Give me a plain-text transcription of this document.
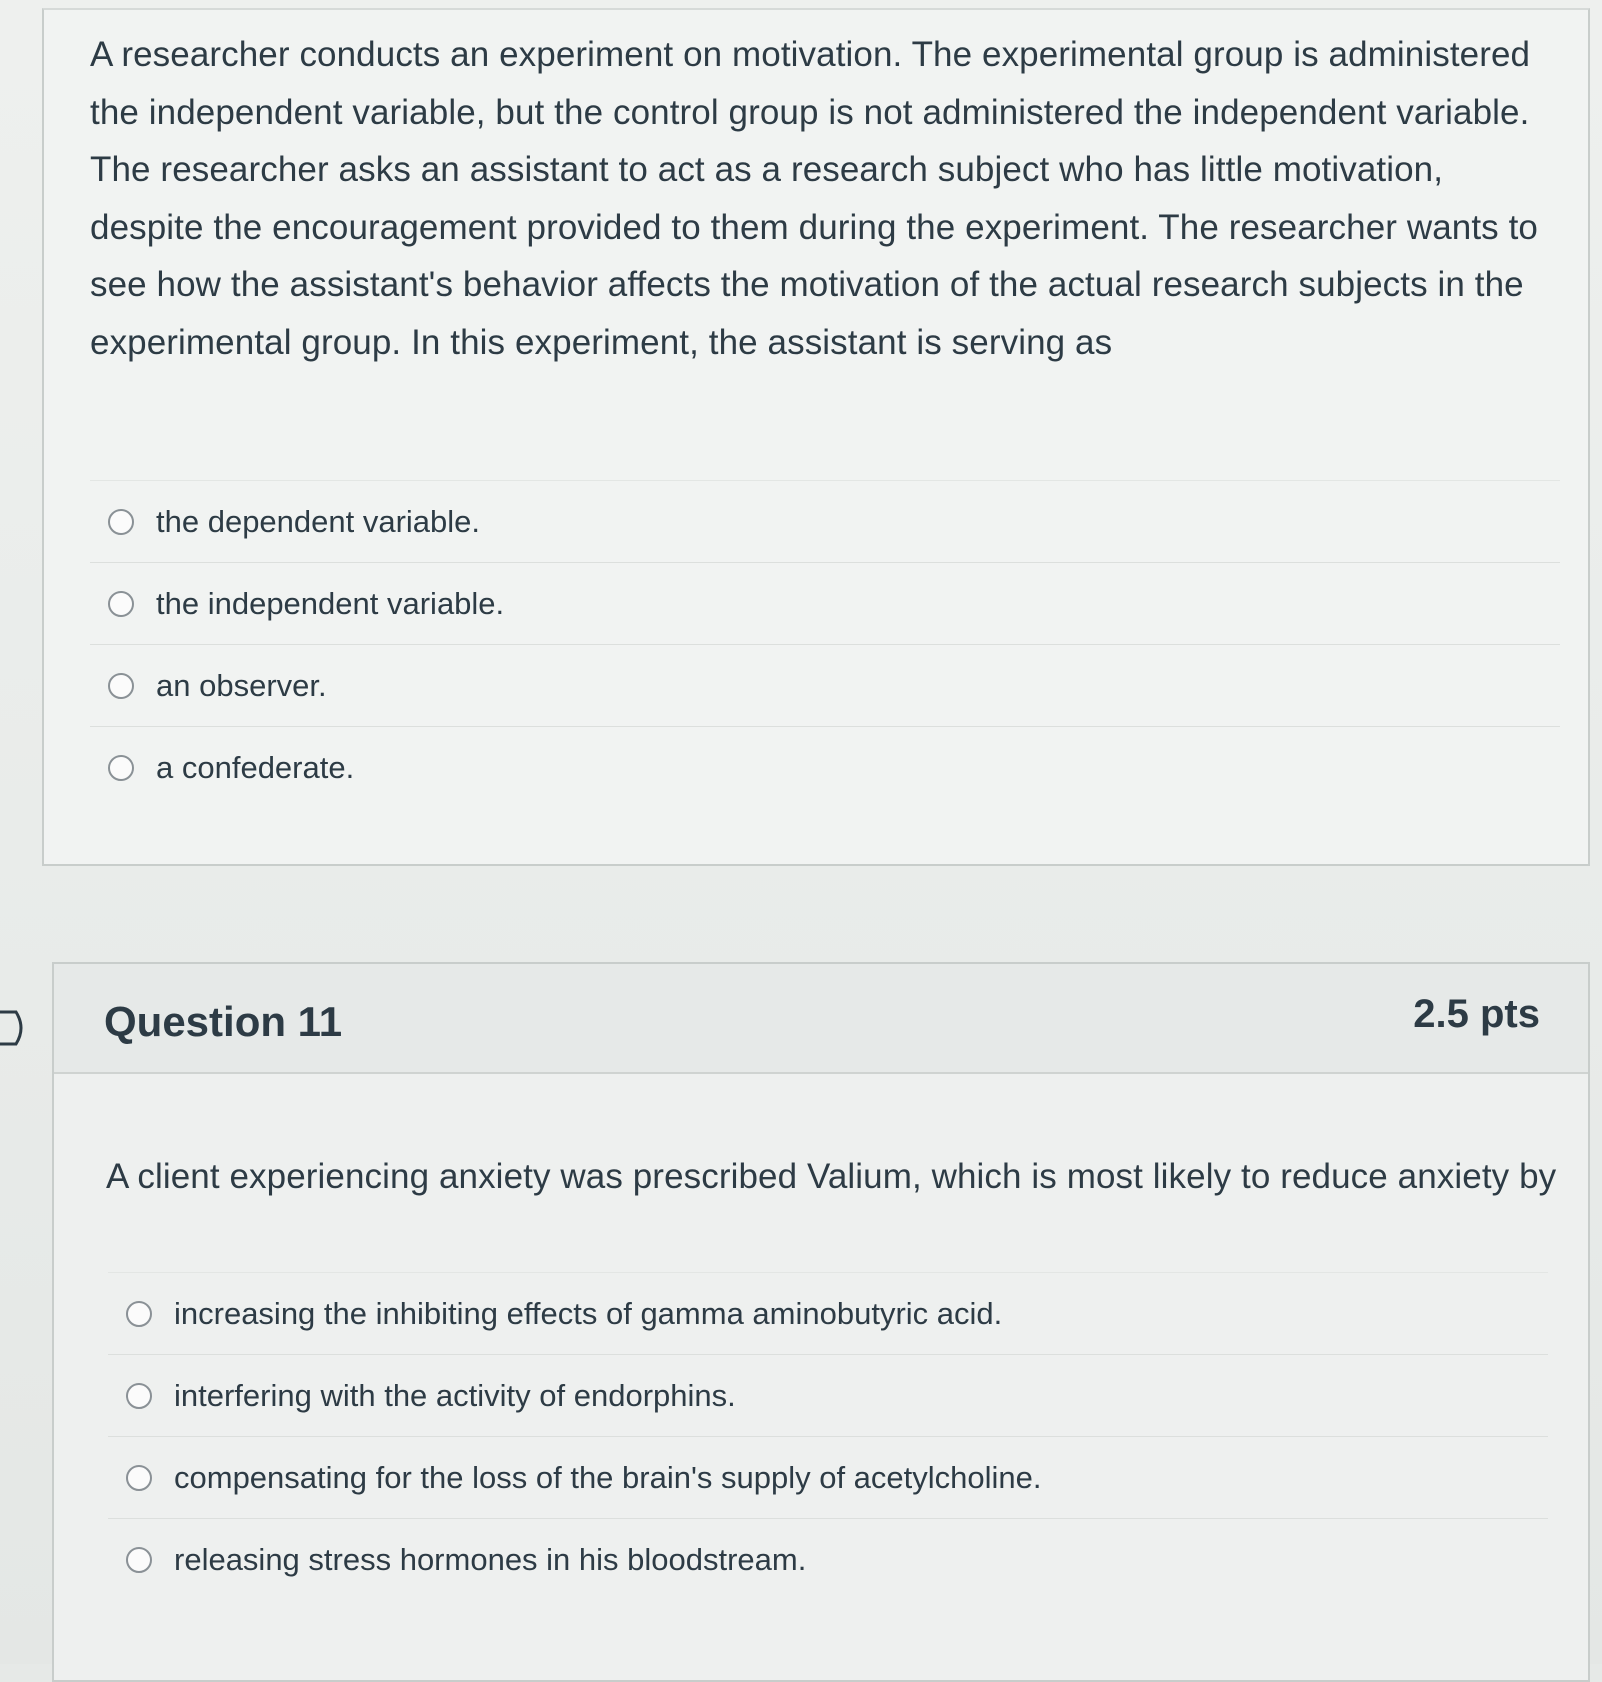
A researcher conducts an experiment on motivation. The experimental group is administered the independent variable, but the control group is not administered the independent variable. The researcher asks an assistant to act as a research subject who has little motivation, despite the encouragement provided to them during the experiment. The researcher wants to see how the assistant's behavior affects the motivation of the actual research subjects in the experimental group. In this experiment, the assistant is serving as
the dependent variable.
the independent variable.
an observer.
a confederate.
Question 11	2.5 pts
A client experiencing anxiety was prescribed Valium, which is most likely to reduce anxiety by
increasing the inhibiting effects of gamma aminobutyric acid.
interfering with the activity of endorphins.
compensating for the loss of the brain's supply of acetylcholine.
releasing stress hormones in his bloodstream.
